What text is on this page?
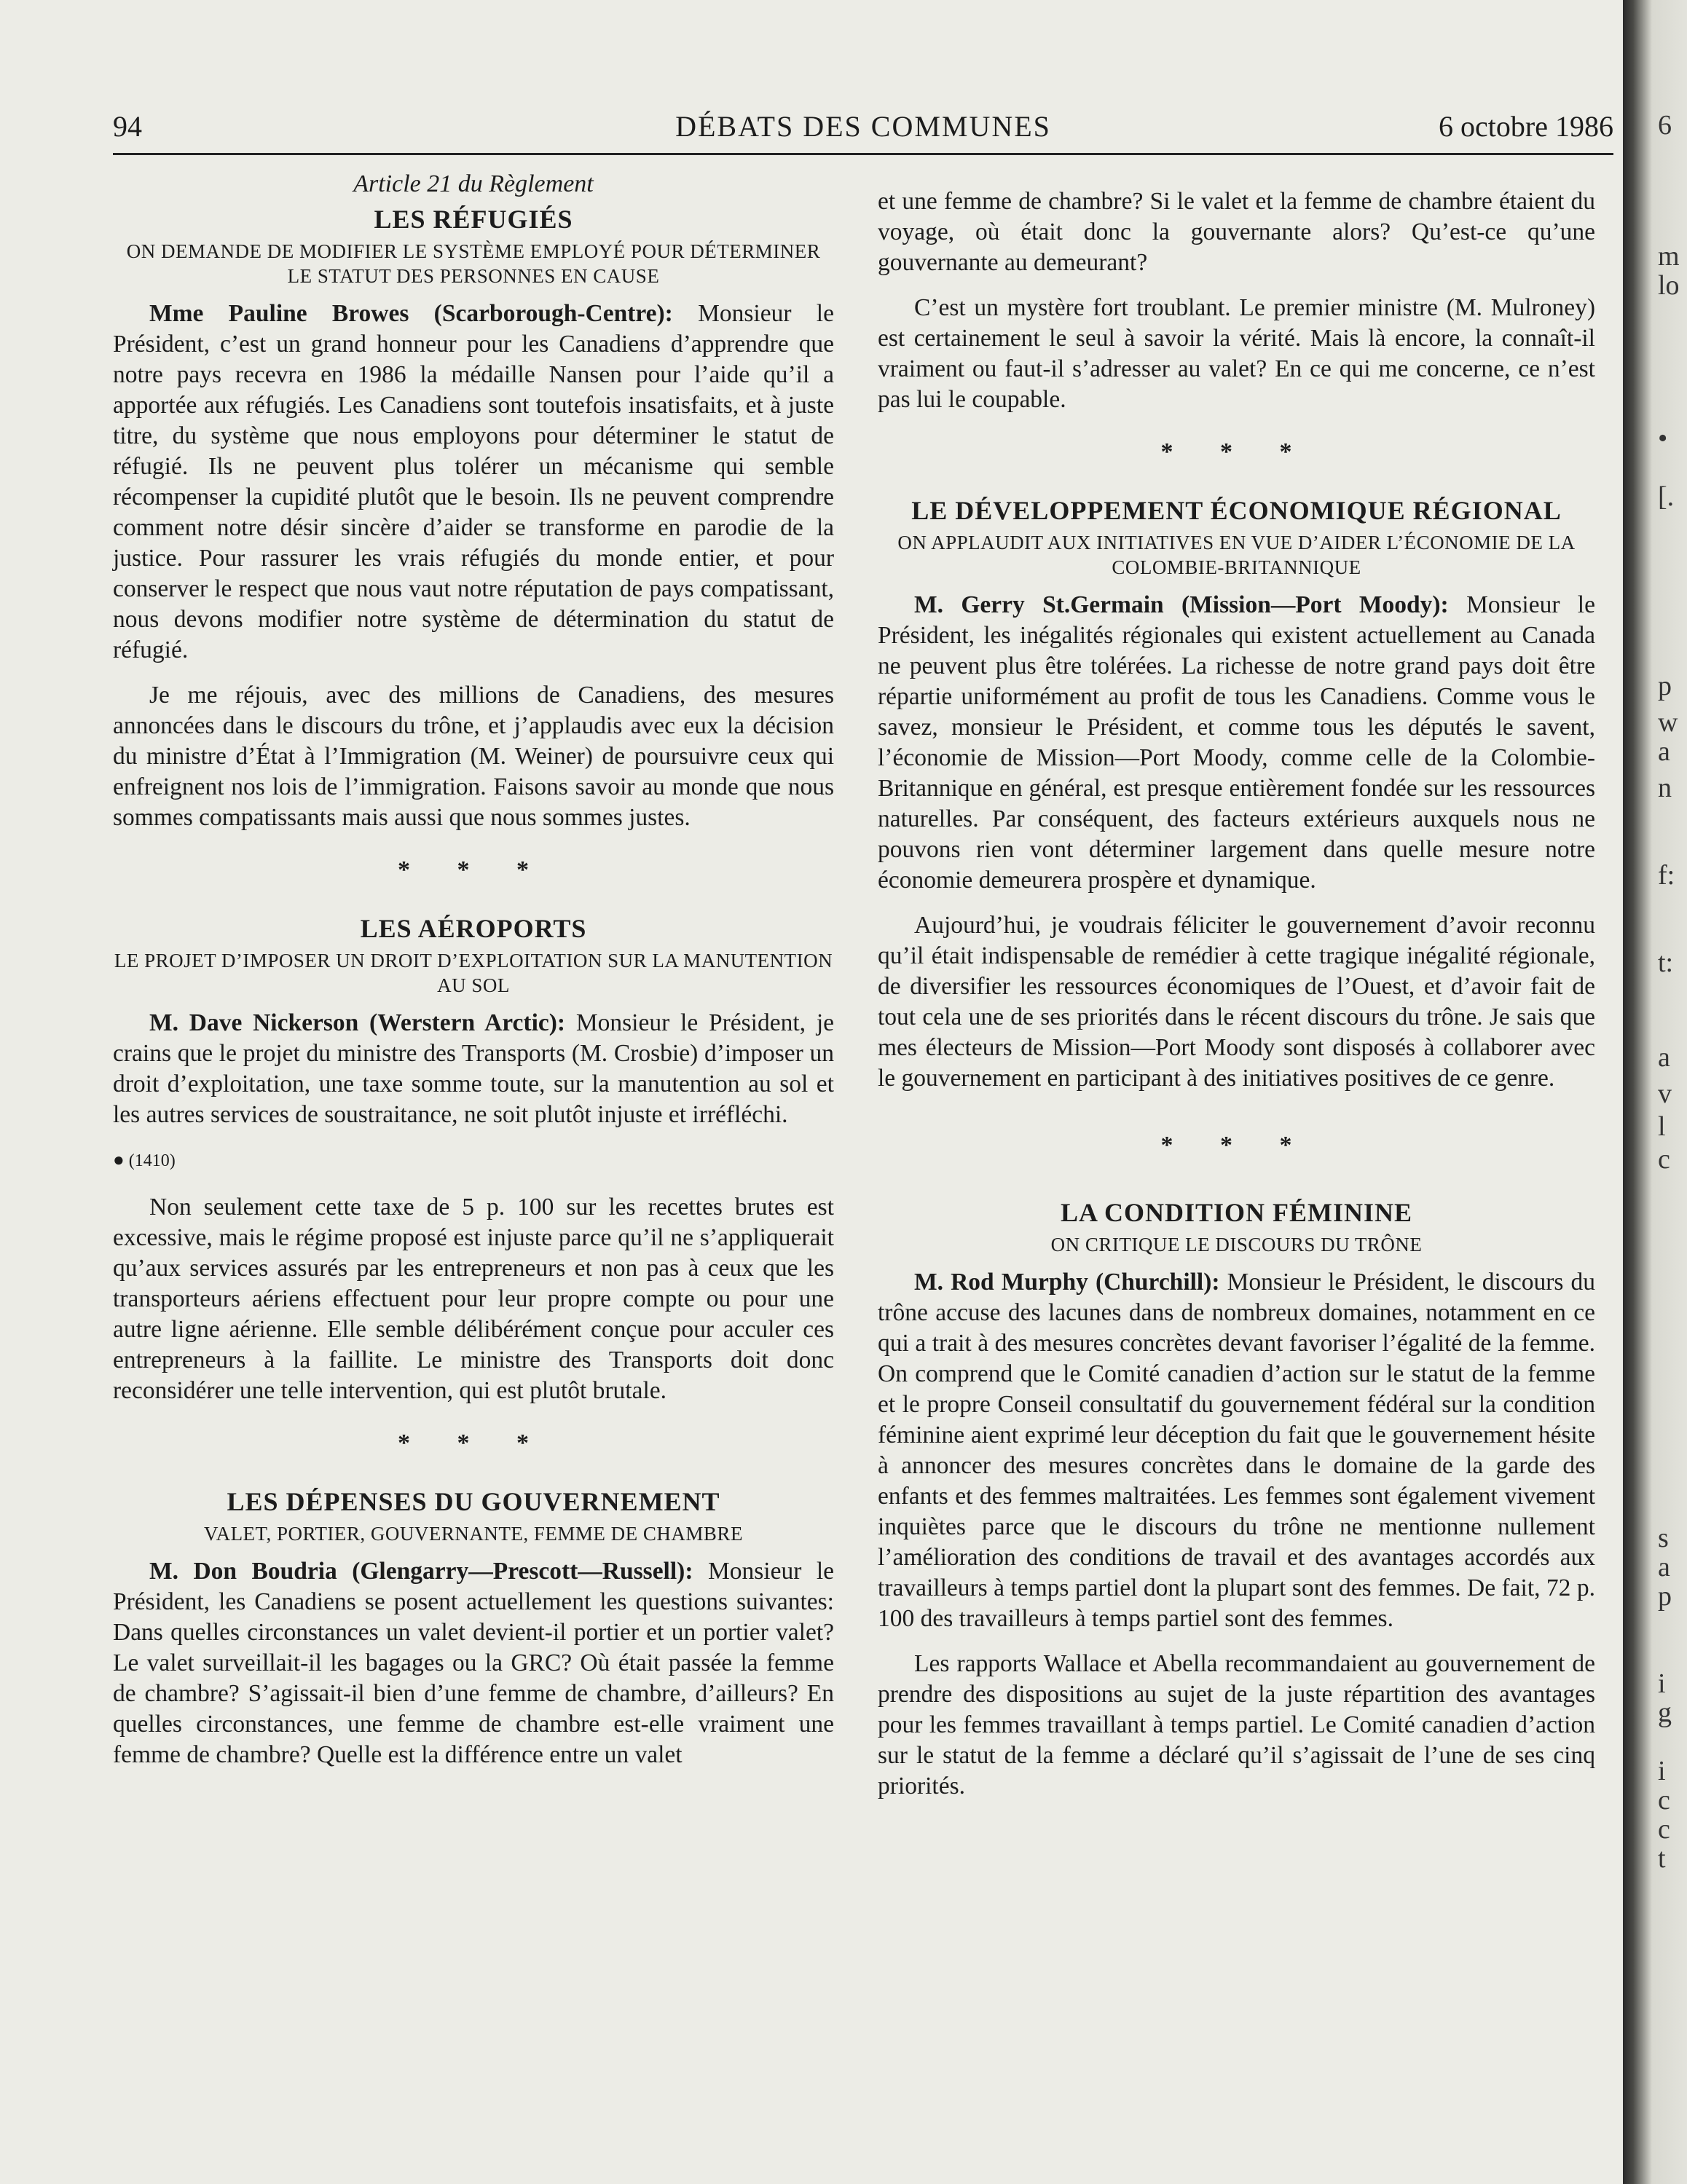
94	DÉBATS DES COMMUNES	6 octobre 1986
Article 21 du Règlement
LES RÉFUGIÉS
ON DEMANDE DE MODIFIER LE SYSTÈME EMPLOYÉ POUR DÉTERMINER LE STATUT DES PERSONNES EN CAUSE

Mme Pauline Browes (Scarborough-Centre): Monsieur le Président, c’est un grand honneur pour les Canadiens d’apprendre que notre pays recevra en 1986 la médaille Nansen pour l’aide qu’il a apportée aux réfugiés. Les Canadiens sont toutefois insatisfaits, et à juste titre, du système que nous employons pour déterminer le statut de réfugié. Ils ne peuvent plus tolérer un mécanisme qui semble récompenser la cupidité plutôt que le besoin. Ils ne peuvent comprendre comment notre désir sincère d’aider se transforme en parodie de la justice. Pour rassurer les vrais réfugiés du monde entier, et pour conserver le respect que nous vaut notre réputation de pays compatissant, nous devons modifier notre système de détermination du statut de réfugié.

Je me réjouis, avec des millions de Canadiens, des mesures annoncées dans le discours du trône, et j’applaudis avec eux la décision du ministre d’État à l’Immigration (M. Weiner) de poursuivre ceux qui enfreignent nos lois de l’immigration. Faisons savoir au monde que nous sommes compatissants mais aussi que nous sommes justes.

* * *
LES AÉROPORTS
LE PROJET D’IMPOSER UN DROIT D’EXPLOITATION SUR LA MANUTENTION AU SOL

M. Dave Nickerson (Werstern Arctic): Monsieur le Président, je crains que le projet du ministre des Transports (M. Crosbie) d’imposer un droit d’exploitation, une taxe somme toute, sur la manutention au sol et les autres services de soustraitance, ne soit plutôt injuste et irréfléchi.

● (1410)

Non seulement cette taxe de 5 p. 100 sur les recettes brutes est excessive, mais le régime proposé est injuste parce qu’il ne s’appliquerait qu’aux services assurés par les entrepreneurs et non pas à ceux que les transporteurs aériens effectuent pour leur propre compte ou pour une autre ligne aérienne. Elle semble délibérément conçue pour acculer ces entrepreneurs à la faillite. Le ministre des Transports doit donc reconsidérer une telle intervention, qui est plutôt brutale.

* * *
LES DÉPENSES DU GOUVERNEMENT
VALET, PORTIER, GOUVERNANTE, FEMME DE CHAMBRE

M. Don Boudria (Glengarry—Prescott—Russell): Monsieur le Président, les Canadiens se posent actuellement les questions suivantes: Dans quelles circonstances un valet devient-il portier et un portier valet? Le valet surveillait-il les bagages ou la GRC? Où était passée la femme de chambre? S’agissait-il bien d’une femme de chambre, d’ailleurs? En quelles circonstances, une femme de chambre est-elle vraiment une femme de chambre? Quelle est la différence entre un valet

et une femme de chambre? Si le valet et la femme de chambre étaient du voyage, où était donc la gouvernante alors? Qu’est-ce qu’une gouvernante au demeurant?

C’est un mystère fort troublant. Le premier ministre (M. Mulroney) est certainement le seul à savoir la vérité. Mais là encore, la connaît-il vraiment ou faut-il s’adresser au valet? En ce qui me concerne, ce n’est pas lui le coupable.

* * *
LE DÉVELOPPEMENT ÉCONOMIQUE RÉGIONAL
ON APPLAUDIT AUX INITIATIVES EN VUE D’AIDER L’ÉCONOMIE DE LA COLOMBIE-BRITANNIQUE

M. Gerry St.Germain (Mission—Port Moody): Monsieur le Président, les inégalités régionales qui existent actuellement au Canada ne peuvent plus être tolérées. La richesse de notre grand pays doit être répartie uniformément au profit de tous les Canadiens. Comme vous le savez, monsieur le Président, et comme tous les députés le savent, l’économie de Mission—Port Moody, comme celle de la Colombie-Britannique en général, est presque entièrement fondée sur les ressources naturelles. Par conséquent, des facteurs extérieurs auxquels nous ne pouvons rien vont déterminer largement dans quelle mesure notre économie demeurera prospère et dynamique.

Aujourd’hui, je voudrais féliciter le gouvernement d’avoir reconnu qu’il était indispensable de remédier à cette tragique inégalité régionale, de diversifier les ressources économiques de l’Ouest, et d’avoir fait de tout cela une de ses priorités dans le récent discours du trône. Je sais que mes électeurs de Mission—Port Moody sont disposés à collaborer avec le gouvernement en participant à des initiatives positives de ce genre.

* * *
LA CONDITION FÉMININE
ON CRITIQUE LE DISCOURS DU TRÔNE

M. Rod Murphy (Churchill): Monsieur le Président, le discours du trône accuse des lacunes dans de nombreux domaines, notamment en ce qui a trait à des mesures concrètes devant favoriser l’égalité de la femme. On comprend que le Comité canadien d’action sur le statut de la femme et le propre Conseil consultatif du gouvernement fédéral sur la condition féminine aient exprimé leur déception du fait que le gouvernement hésite à annoncer des mesures concrètes dans le domaine de la garde des enfants et des femmes maltraitées. Les femmes sont également vivement inquiètes parce que le discours du trône ne mentionne nullement l’amélioration des conditions de travail et des avantages accordés aux travailleurs à temps partiel dont la plupart sont des femmes. De fait, 72 p. 100 des travailleurs à temps partiel sont des femmes.

Les rapports Wallace et Abella recommandaient au gouvernement de prendre des dispositions au sujet de la juste répartition des avantages pour les femmes travaillant à temps partiel. Le Comité canadien d’action sur le statut de la femme a déclaré qu’il s’agissait de l’une de ses cinq priorités.

6
m
lo
•
[.
p
w
a
n
f:
t:
a
v
l
c
s
a
p
i
g
i
c
c
t
